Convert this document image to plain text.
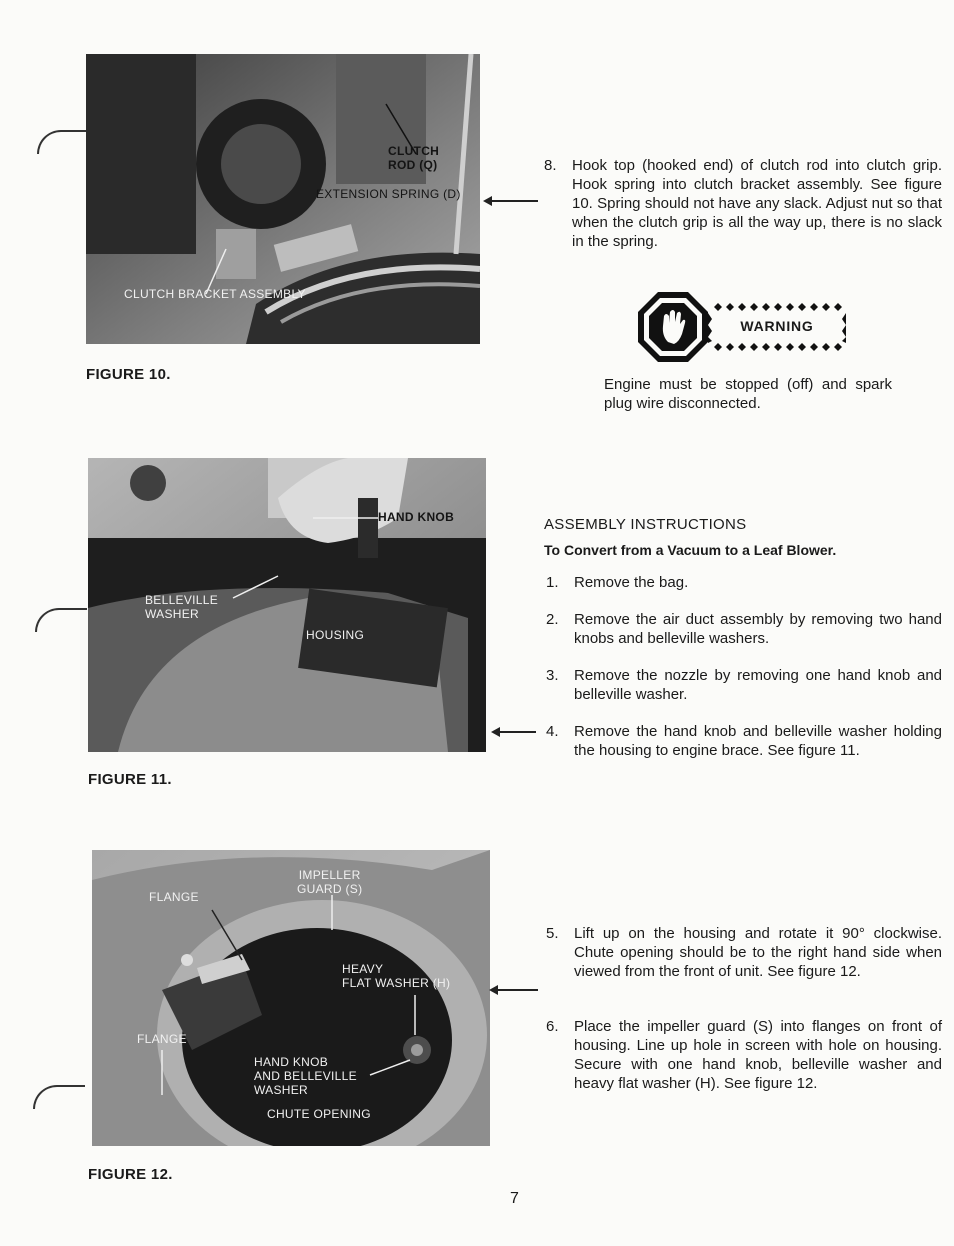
CLUTCH
ROD (Q)
EXTENSION SPRING (D)
CLUTCH BRACKET ASSEMBLY
FIGURE 10.
8. Hook top (hooked end) of clutch rod into clutch grip. Hook spring into clutch bracket assembly. See figure 10. Spring should not have any slack. Adjust nut so that when the clutch grip is all the way up, there is no slack in the spring.
WARNING
Engine must be stopped (off) and spark plug wire disconnected.
HAND KNOB
BELLEVILLE
WASHER
HOUSING
FIGURE 11.
ASSEMBLY INSTRUCTIONS
To Convert from a Vacuum to a Leaf Blower.
1. Remove the bag.
2. Remove the air duct assembly by removing two hand knobs and belleville washers.
3. Remove the nozzle by removing one hand knob and belleville washer.
4. Remove the hand knob and belleville washer holding the housing to engine brace. See figure 11.
FLANGE
IMPELLER
GUARD (S)
HEAVY
FLAT WASHER (H)
FLANGE
HAND KNOB
AND BELLEVILLE
WASHER
CHUTE OPENING
FIGURE 12.
5. Lift up on the housing and rotate it 90° clockwise. Chute opening should be to the right hand side when viewed from the front of unit. See figure 12.
6. Place the impeller guard (S) into flanges on front of housing. Line up hole in screen with hole on housing. Secure with one hand knob, belleville washer and heavy flat washer (H). See figure 12.
7
